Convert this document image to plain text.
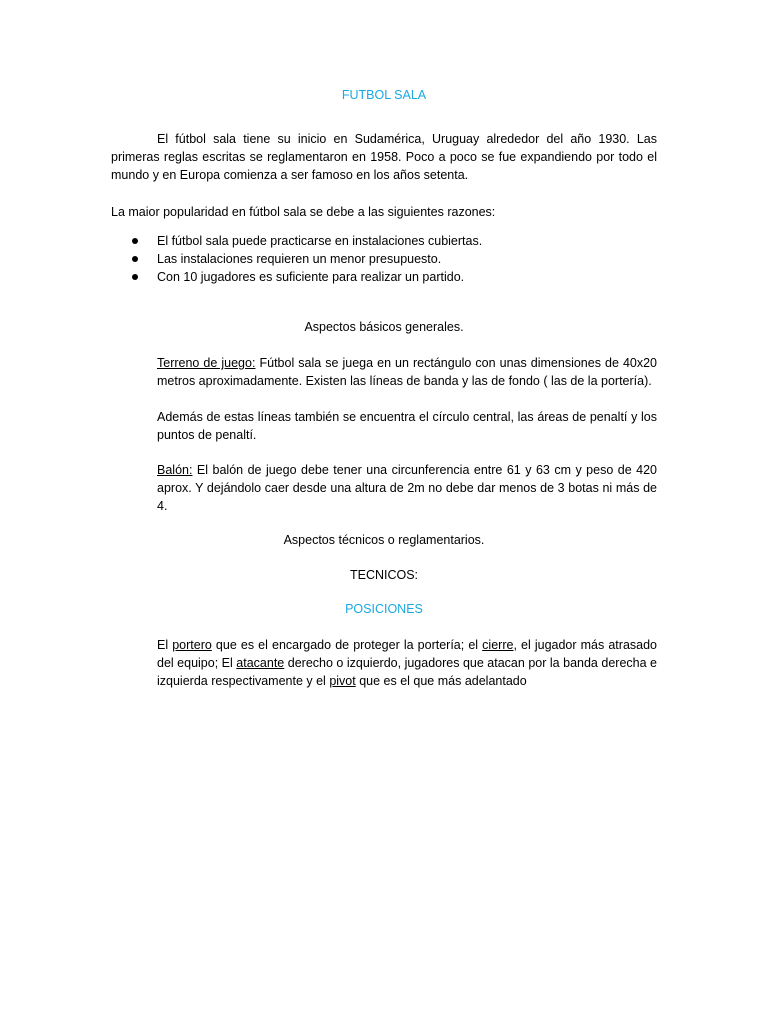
FUTBOL SALA

El fútbol sala tiene su inicio en Sudamérica, Uruguay alrededor del año 1930. Las primeras reglas escritas se reglamentaron en 1958. Poco a poco se fue expandiendo por todo el mundo y en Europa comienza a ser famoso en los años setenta.

La maior popularidad en fútbol sala se debe a las siguientes razones:

El fútbol sala puede practicarse en instalaciones cubiertas.
Las instalaciones requieren un menor presupuesto.
Con 10 jugadores es suficiente para realizar un partido.
Aspectos básicos generales.

Terreno de juego: Fútbol sala se juega en un rectángulo con unas dimensiones de 40x20 metros aproximadamente. Existen las líneas de banda y las de fondo ( las de la portería).

Además de estas líneas también se encuentra el círculo central, las áreas de penaltí y los puntos de penaltí.

Balón: El balón de juego debe tener una circunferencia entre 61 y 63 cm y peso de 420 aprox. Y dejándolo caer desde una altura de 2m no debe dar menos de 3 botas ni más de 4.

Aspectos técnicos o reglamentarios.
TECNICOS:
POSICIONES

El portero que es el encargado de proteger la portería; el cierre, el jugador más atrasado del equipo; El atacante derecho o izquierdo, jugadores que atacan por la banda derecha e izquierda respectivamente y el pivot que es el que más adelantado
